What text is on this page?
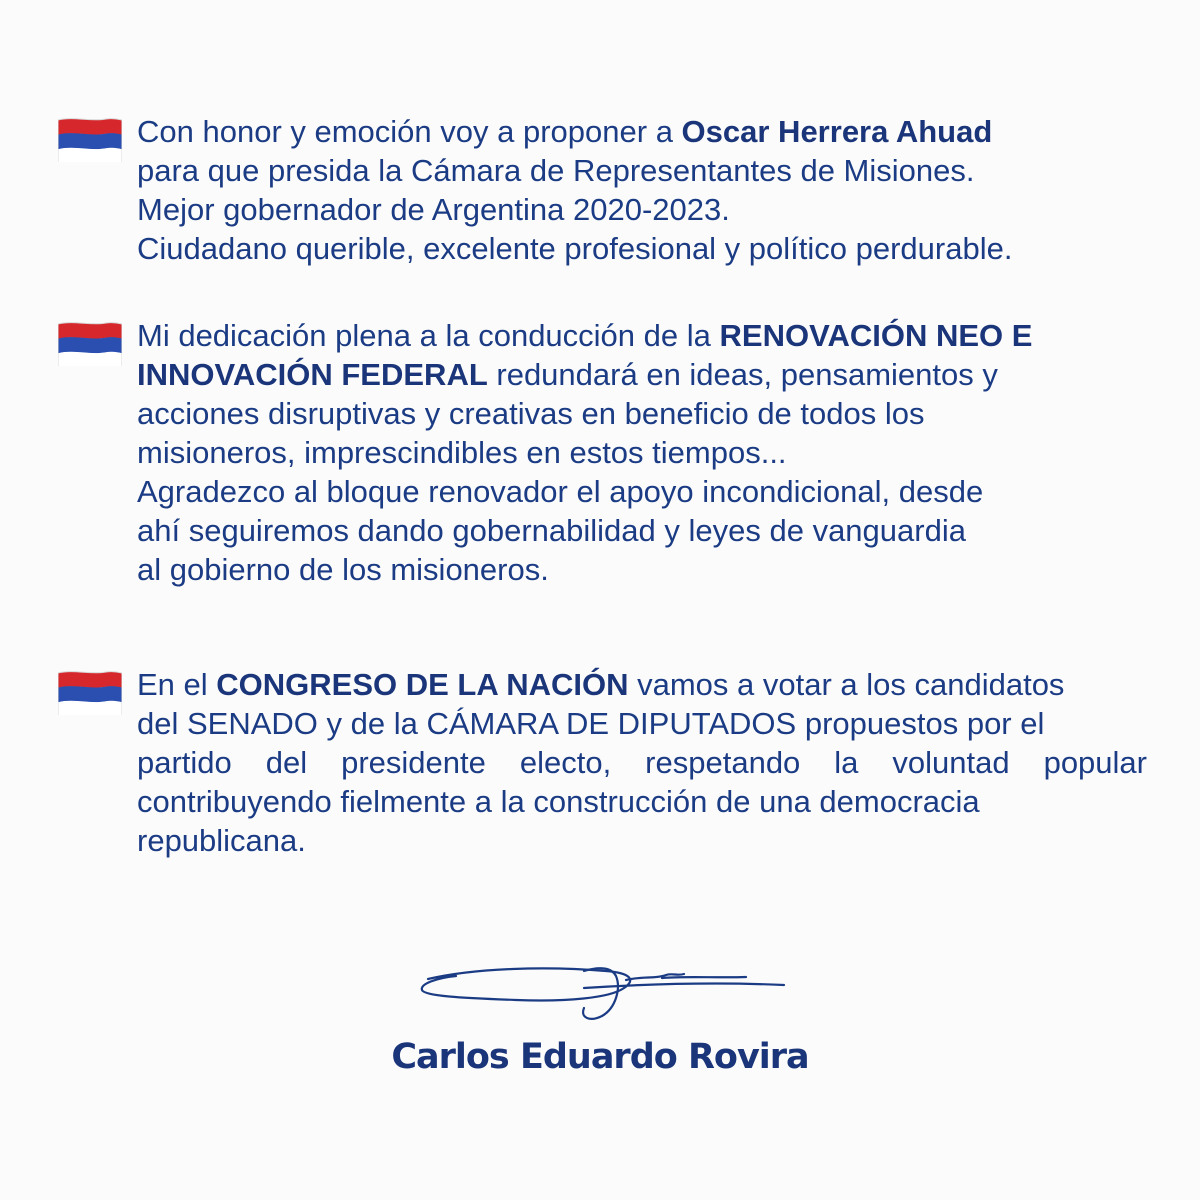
Con honor y emoción voy a proponer a Oscar Herrera Ahuad
para que presida la Cámara de Representantes de Misiones.
Mejor gobernador de Argentina 2020-2023.
Ciudadano querible, excelente profesional y político perdurable.
Mi dedicación plena a la conducción de la RENOVACIÓN NEO E
INNOVACIÓN FEDERAL redundará en ideas, pensamientos y
acciones disruptivas y creativas en beneficio de todos los
misioneros, imprescindibles en estos tiempos...
Agradezco al bloque renovador el apoyo incondicional, desde
ahí seguiremos dando gobernabilidad y leyes de vanguardia
al gobierno de los misioneros.
En el CONGRESO DE LA NACIÓN vamos a votar a los candidatos
del SENADO y de la CÁMARA DE DIPUTADOS propuestos por el
partido del presidente electo, respetando la voluntad popular
contribuyendo fielmente a la construcción de una democracia
republicana.
Carlos Eduardo Rovira
